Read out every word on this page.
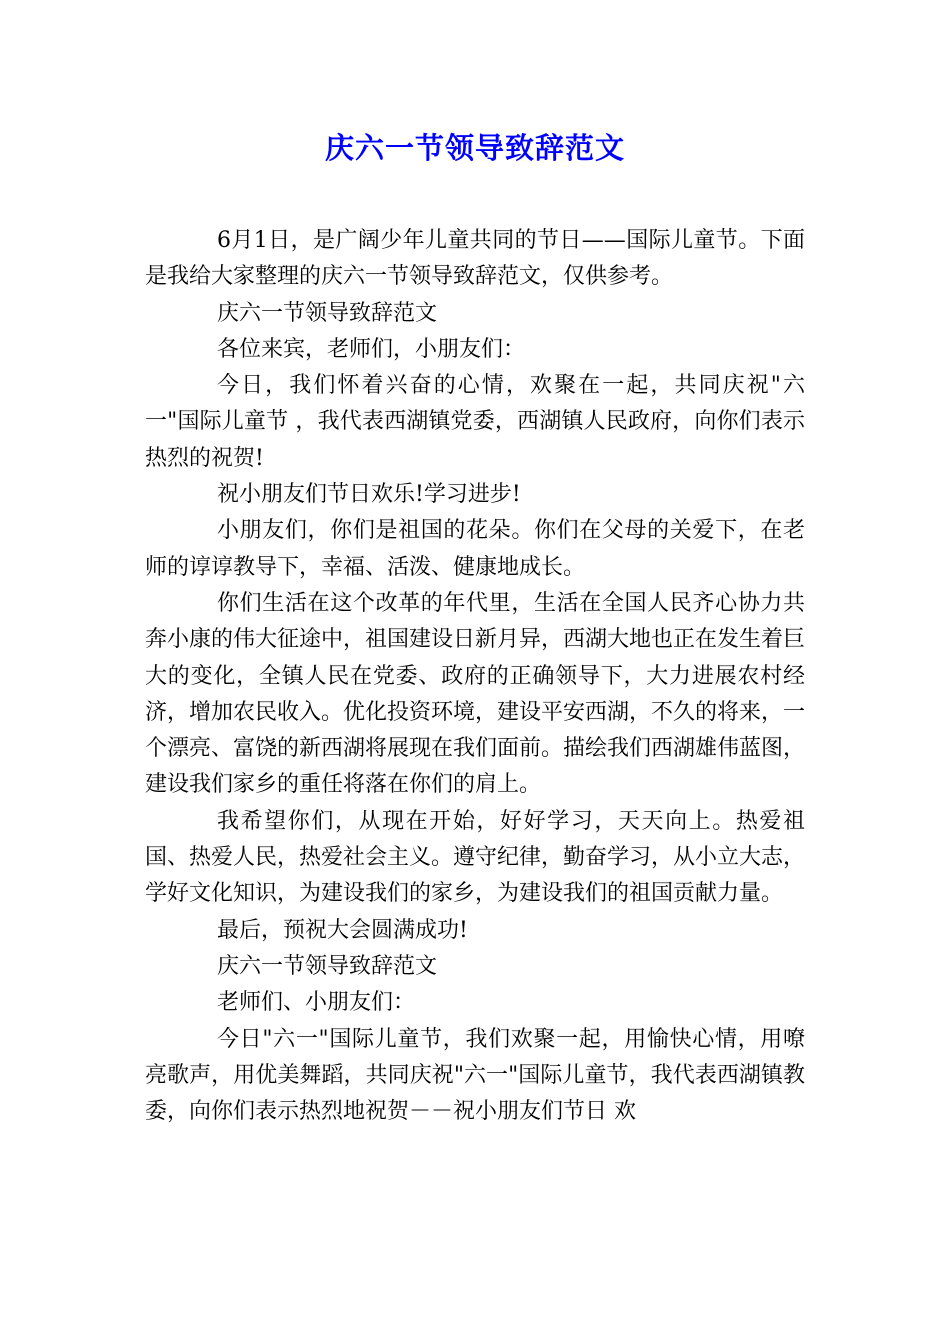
庆六一节领导致辞范文

6月1日，是广阔少年儿童共同的节日——国际儿童节。下面是我给大家整理的庆六一节领导致辞范文，仅供参考。

庆六一节领导致辞范文

各位来宾，老师们，小朋友们：

今日，我们怀着兴奋的心情，欢聚在一起，共同庆祝"六一"国际儿童节 ，我代表西湖镇党委，西湖镇人民政府，向你们表示热烈的祝贺!

祝小朋友们节日欢乐!学习进步!

小朋友们，你们是祖国的花朵。你们在父母的关爱下，在老师的谆谆教导下，幸福、活泼、健康地成长。

你们生活在这个改革的年代里，生活在全国人民齐心协力共奔小康的伟大征途中，祖国建设日新月异，西湖大地也正在发生着巨大的变化，全镇人民在党委、政府的正确领导下，大力进展农村经济，增加农民收入。优化投资环境，建设平安西湖，不久的将来，一个漂亮、富饶的新西湖将展现在我们面前。描绘我们西湖雄伟蓝图，建设我们家乡的重任将落在你们的肩上。

我希望你们，从现在开始，好好学习，天天向上。热爱祖国、热爱人民，热爱社会主义。遵守纪律，勤奋学习，从小立大志，学好文化知识，为建设我们的家乡，为建设我们的祖国贡献力量。

最后，预祝大会圆满成功!

庆六一节领导致辞范文

老师们、小朋友们：

今日"六一"国际儿童节，我们欢聚一起，用愉快心情，用嘹亮歌声，用优美舞蹈，共同庆祝"六一"国际儿童节，我代表西湖镇教委，向你们表示热烈地祝贺－－祝小朋友们节日 欢
